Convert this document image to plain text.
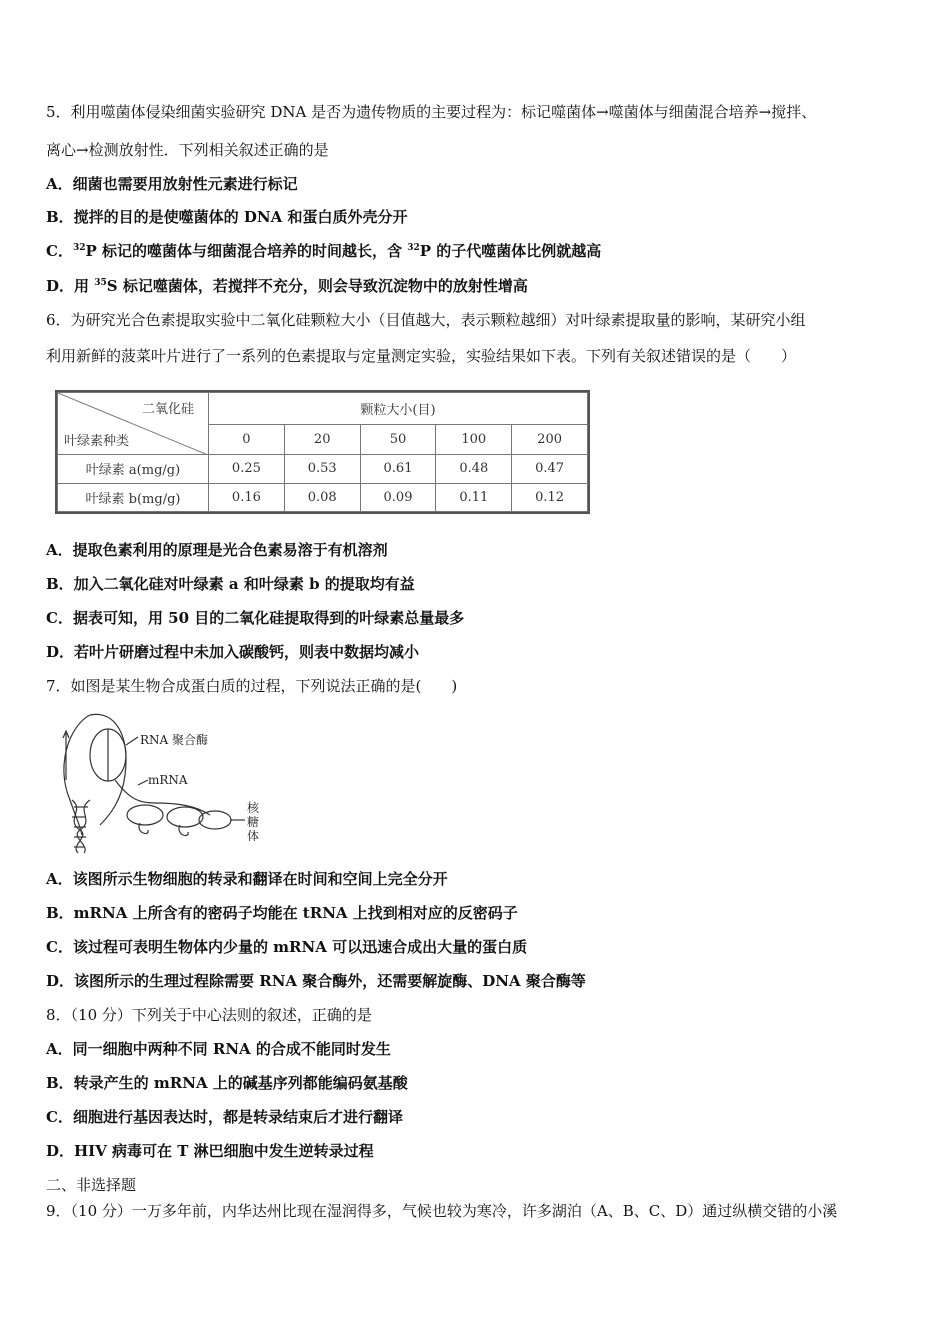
5．利用噬菌体侵染细菌实验研究 DNA 是否为遗传物质的主要过程为：标记噬菌体→噬菌体与细菌混合培养→搅拌、
离心→检测放射性．下列相关叙述正确的是
A．细菌也需要用放射性元素进行标记
B．搅拌的目的是使噬菌体的 DNA 和蛋白质外壳分开
C．$^{32}$P 标记的噬菌体与细菌混合培养的时间越长，含 $^{32}$P 的子代噬菌体比例就越高
D．用 $^{35}$S 标记噬菌体，若搅拌不充分，则会导致沉淀物中的放射性增高
6．为研究光合色素提取实验中二氧化硅颗粒大小（目值越大，表示颗粒越细）对叶绿素提取量的影响，某研究小组
利用新鲜的菠菜叶片进行了一系列的色素提取与定量测定实验，实验结果如下表。下列有关叙述错误的是（　　）
二氧化硅
叶绿素种类	颗粒大小(目)				
	0	20	50	100	200
叶绿素 a(mg/g)	0.25	0.53	0.61	0.48	0.47
叶绿素 b(mg/g)	0.16	0.08	0.09	0.11	0.12
A．提取色素利用的原理是光合色素易溶于有机溶剂
B．加入二氧化硅对叶绿素 a 和叶绿素 b 的提取均有益
C．据表可知，用 50 目的二氧化硅提取得到的叶绿素总量最多
D．若叶片研磨过程中未加入碳酸钙，则表中数据均减小
7．如图是某生物合成蛋白质的过程，下列说法正确的是(　　)
RNA 聚合酶
mRNA
核糖体
A．该图所示生物细胞的转录和翻译在时间和空间上完全分开
B．mRNA 上所含有的密码子均能在 tRNA 上找到相对应的反密码子
C．该过程可表明生物体内少量的 mRNA 可以迅速合成出大量的蛋白质
D．该图所示的生理过程除需要 RNA 聚合酶外，还需要解旋酶、DNA 聚合酶等
8．（10 分）下列关于中心法则的叙述，正确的是
A．同一细胞中两种不同 RNA 的合成不能同时发生
B．转录产生的 mRNA 上的碱基序列都能编码氨基酸
C．细胞进行基因表达时，都是转录结束后才进行翻译
D．HIV 病毒可在 T 淋巴细胞中发生逆转录过程
二、非选择题
9．（10 分）一万多年前，内华达州比现在湿润得多，气候也较为寒冷，许多湖泊（A、B、C、D）通过纵横交错的小溪
